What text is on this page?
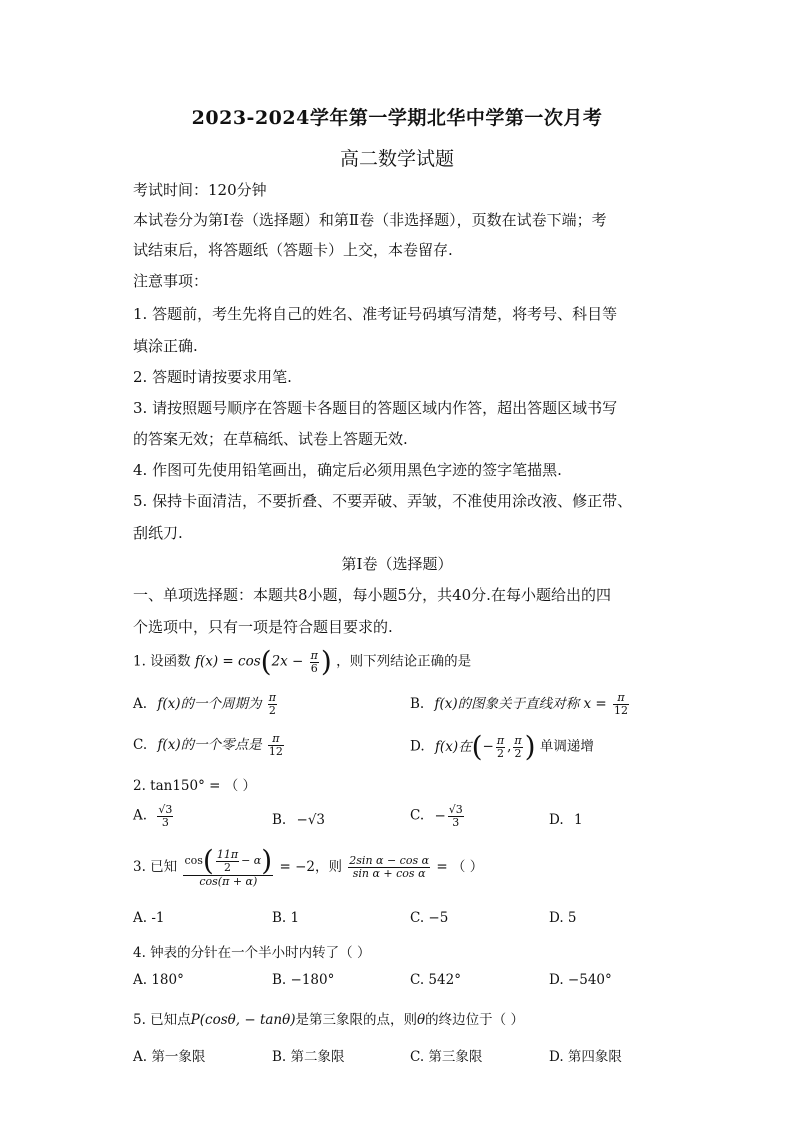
2023-2024学年第一学期北华中学第一次月考
高二数学试题
考试时间：120分钟
本试卷分为第Ⅰ卷（选择题）和第Ⅱ卷（非选择题），页数在试卷下端；考
试结束后，将答题纸（答题卡）上交，本卷留存.
注意事项：
1. 答题前，考生先将自己的姓名、准考证号码填写清楚，将考号、科目等
填涂正确.
2. 答题时请按要求用笔.
3. 请按照题号顺序在答题卡各题目的答题区域内作答，超出答题区域书写
的答案无效；在草稿纸、试卷上答题无效.
4. 作图可先使用铅笔画出，确定后必须用黑色字迹的签字笔描黑.
5. 保持卡面清洁，不要折叠、不要弄破、弄皱，不准使用涂改液、修正带、
刮纸刀.
第Ⅰ卷（选择题）
一、单项选择题：本题共8小题，每小题5分，共40分.在每小题给出的四
个选项中，只有一项是符合题目要求的.
1. 设函数 $f(x) = \cos(2x - \frac{\pi}{6}$ ) ，则下列结论正确的是
A. f(x)的一个周期为 $\frac{\pi}{2}$	B. f(x)的图象关于直线对称 $x = \frac{\pi}{12}$
C. f(x)的一个零点是 $\frac{\pi}{12}$	D. f(x)在(− $\frac{\pi}{2}$ , $\frac{\pi}{2}$ ) 单调递增
2. tan150° = （ ）
A. $\frac{√3}{3}$	B. −√3	C. − $\frac{√3}{3}$	D. 1
3. 已知 $\frac{\cos( \frac{11\pi}{2} - \alpha)}{\cos(\pi + \alpha)} = -2$，则 $\frac{\text{2sin α − cos α}}{\text{sin α + cos α}}$ = （ ）
A. -1	B. 1	C. −5	D. 5
4. 钟表的分针在一个半小时内转了（ ）
A. 180°	B. −180°	C. 542°	D. −540°
5. 已知点P(cosθ, − tanθ)是第三象限的点，则θ的终边位于（ ）
A. 第一象限	B. 第二象限	C. 第三象限	D. 第四象限
